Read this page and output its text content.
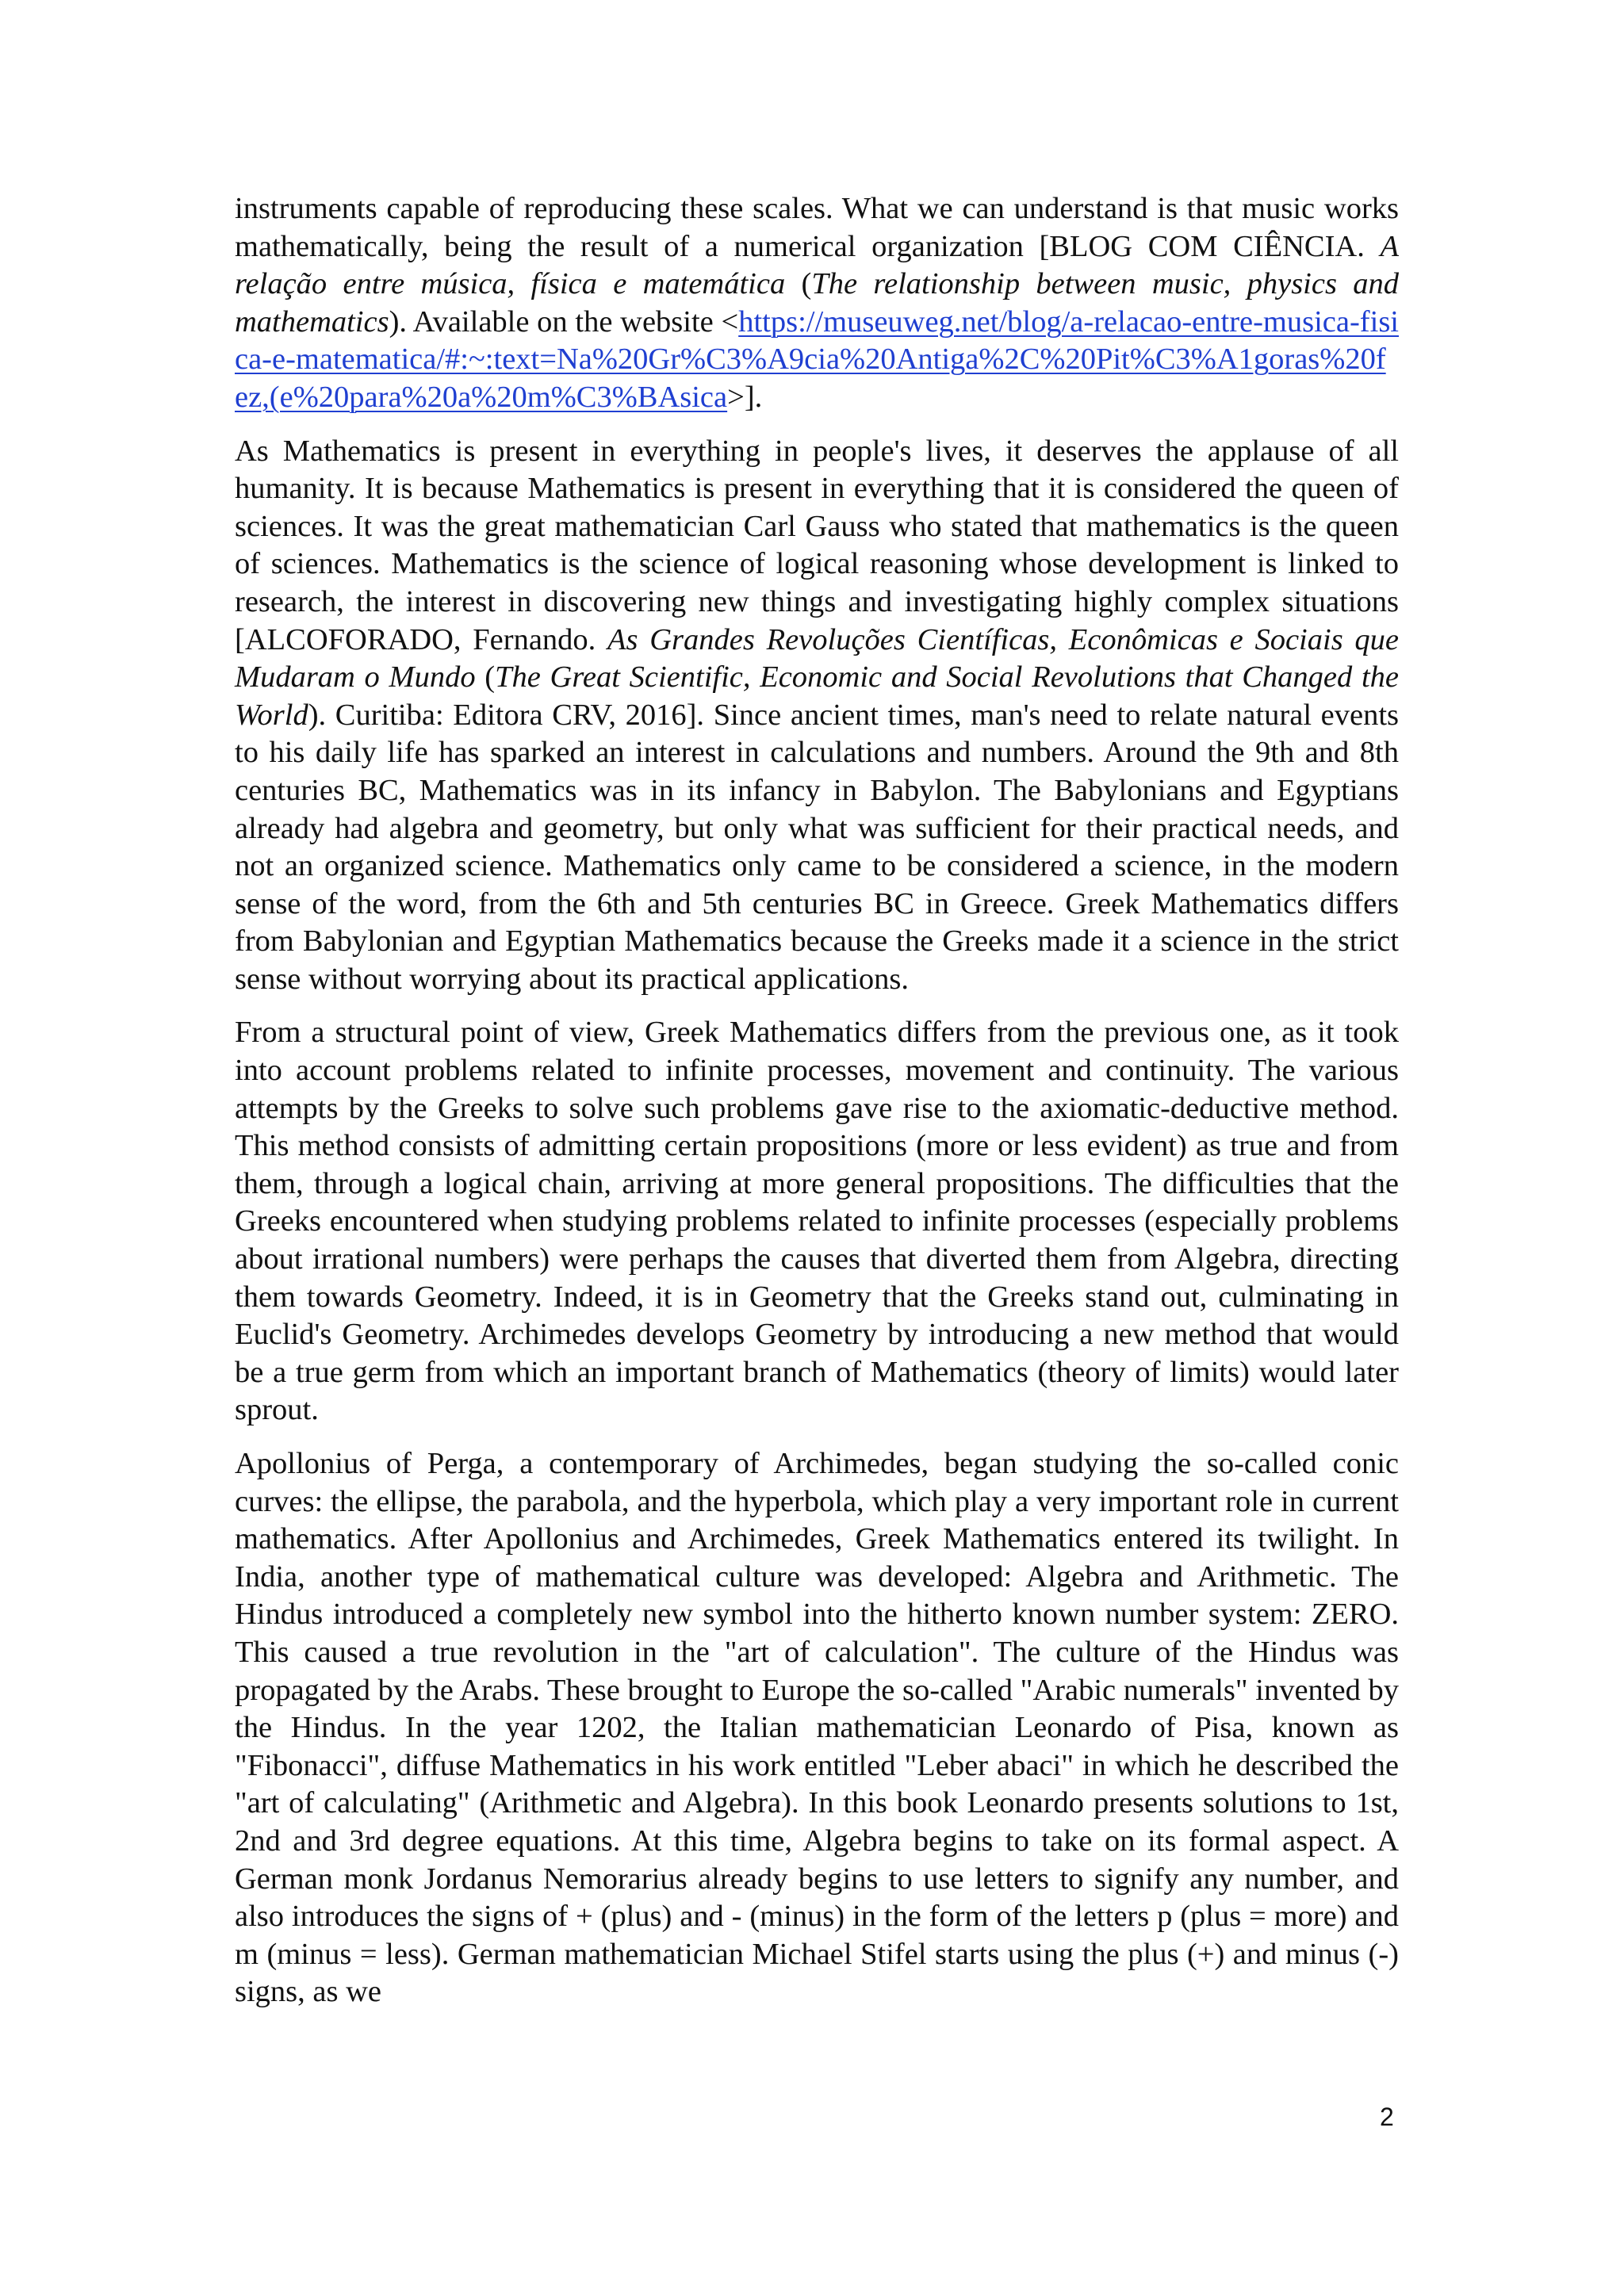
instruments capable of reproducing these scales. What we can understand is that music works mathematically, being the result of a numerical organization [BLOG COM CIÊNCIA. A relação entre música, física e matemática (The relationship between music, physics and mathematics). Available on the website <https://museuweg.net/blog/a-relacao-entre-musica-fisica-e-matematica/#:~:text=Na%20Gr%C3%A9cia%20Antiga%2C%20Pit%C3%A1goras%20fez,(e%20para%20a%20m%C3%BAsica>].

As Mathematics is present in everything in people's lives, it deserves the applause of all humanity. It is because Mathematics is present in everything that it is considered the queen of sciences. It was the great mathematician Carl Gauss who stated that mathematics is the queen of sciences. Mathematics is the science of logical reasoning whose development is linked to research, the interest in discovering new things and investigating highly complex situations [ALCOFORADO, Fernando. As Grandes Revoluções Científicas, Econômicas e Sociais que Mudaram o Mundo (The Great Scientific, Economic and Social Revolutions that Changed the World). Curitiba: Editora CRV, 2016]. Since ancient times, man's need to relate natural events to his daily life has sparked an interest in calculations and numbers. Around the 9th and 8th centuries BC, Mathematics was in its infancy in Babylon. The Babylonians and Egyptians already had algebra and geometry, but only what was sufficient for their practical needs, and not an organized science. Mathematics only came to be considered a science, in the modern sense of the word, from the 6th and 5th centuries BC in Greece. Greek Mathematics differs from Babylonian and Egyptian Mathematics because the Greeks made it a science in the strict sense without worrying about its practical applications.

From a structural point of view, Greek Mathematics differs from the previous one, as it took into account problems related to infinite processes, movement and continuity. The various attempts by the Greeks to solve such problems gave rise to the axiomatic-deductive method. This method consists of admitting certain propositions (more or less evident) as true and from them, through a logical chain, arriving at more general propositions. The difficulties that the Greeks encountered when studying problems related to infinite processes (especially problems about irrational numbers) were perhaps the causes that diverted them from Algebra, directing them towards Geometry. Indeed, it is in Geometry that the Greeks stand out, culminating in Euclid's Geometry. Archimedes develops Geometry by introducing a new method that would be a true germ from which an important branch of Mathematics (theory of limits) would later sprout.

Apollonius of Perga, a contemporary of Archimedes, began studying the so-called conic curves: the ellipse, the parabola, and the hyperbola, which play a very important role in current mathematics. After Apollonius and Archimedes, Greek Mathematics entered its twilight. In India, another type of mathematical culture was developed: Algebra and Arithmetic. The Hindus introduced a completely new symbol into the hitherto known number system: ZERO. This caused a true revolution in the "art of calculation". The culture of the Hindus was propagated by the Arabs. These brought to Europe the so-called "Arabic numerals" invented by the Hindus. In the year 1202, the Italian mathematician Leonardo of Pisa, known as "Fibonacci", diffuse Mathematics in his work entitled "Leber abaci" in which he described the "art of calculating" (Arithmetic and Algebra). In this book Leonardo presents solutions to 1st, 2nd and 3rd degree equations. At this time, Algebra begins to take on its formal aspect. A German monk Jordanus Nemorarius already begins to use letters to signify any number, and also introduces the signs of + (plus) and - (minus) in the form of the letters p (plus = more) and m (minus = less). German mathematician Michael Stifel starts using the plus (+) and minus (-) signs, as we

2
